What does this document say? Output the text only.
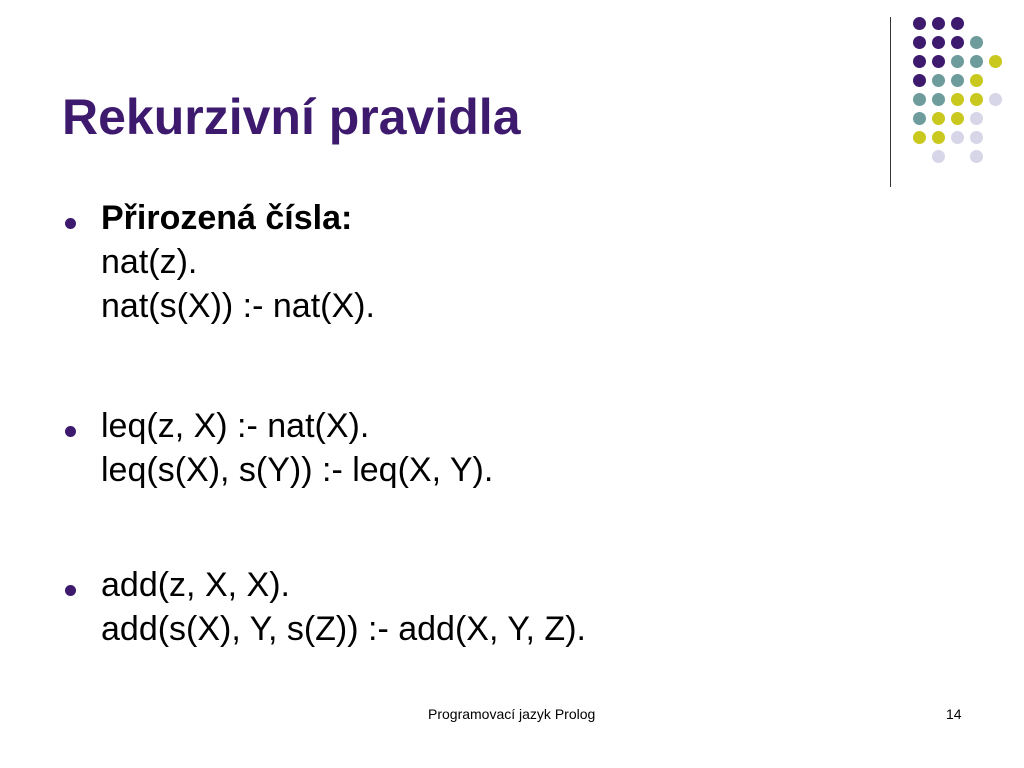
Rekurzivní pravidla
Přirozená čísla:
nat(z).
nat(s(X)) :- nat(X).
leq(z, X) :- nat(X).
leq(s(X), s(Y)) :- leq(X, Y).
add(z, X, X).
add(s(X), Y, s(Z)) :- add(X, Y, Z).
Programovací jazyk Prolog	14
